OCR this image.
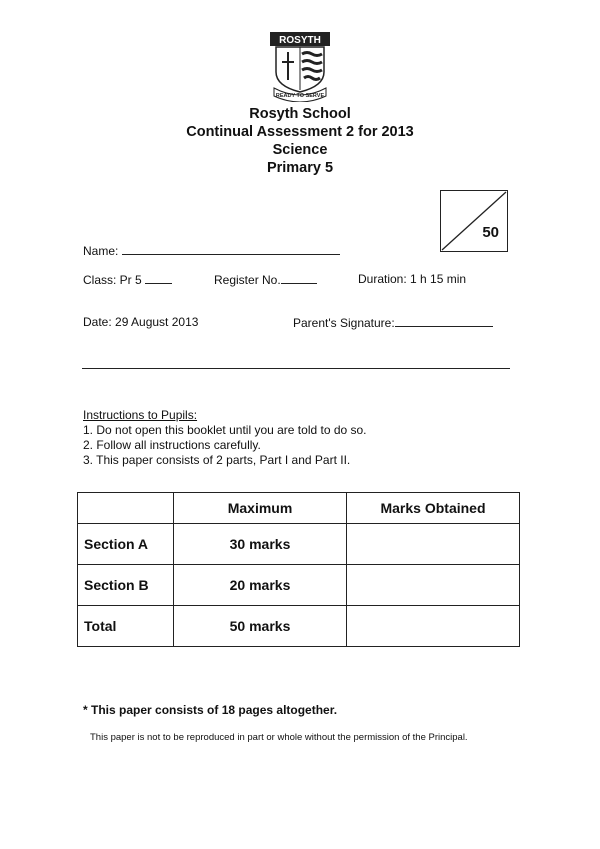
ROSYTH
READY TO SERVE
Rosyth School
Continual Assessment 2 for 2013
Science
Primary 5
50
Name:
Class: Pr 5	Register No.	Duration: 1 h 15 min
Date: 29 August 2013	Parent's Signature:
Instructions to Pupils:
1. Do not open this booklet until you are told to do so.
2. Follow all instructions carefully.
3. This paper consists of 2 parts, Part I and Part II.
	Maximum	Marks Obtained
Section A	30 marks	
Section B	20 marks	
Total	50 marks	
* This paper consists of 18 pages altogether.
This paper is not to be reproduced in part or whole without the permission of the Principal.
